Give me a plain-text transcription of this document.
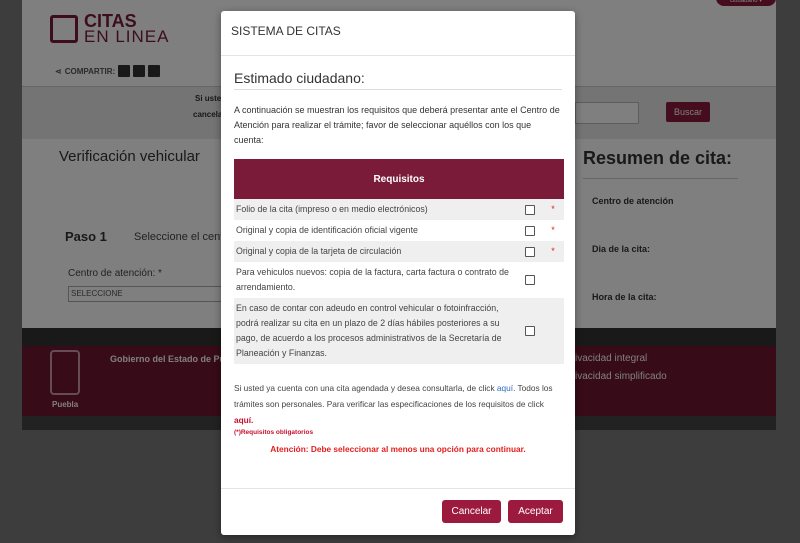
SISTEMA DE CITAS
Estimado ciudadano:
A continuación se muestran los requisitos que deberá presentar ante el Centro de Atención para realizar el trámite; favor de seleccionar aquéllos con los que cuenta:
Requisitos		
Folio de la cita (impreso o en medio electrónicos)		*
Original y copia de identificación oficial vigente		*
Original y copia de la tarjeta de circulación		*
Para vehiculos nuevos: copia de la factura, carta factura o contrato de arrendamiento.		
En caso de contar con adeudo en control vehicular o fotoinfracción, podrá realizar su cita en un plazo de 2 días hábiles posteriores a su pago, de acuerdo a los procesos administrativos de la Secretaría de Planeación y Finanzas.		
Si usted ya cuenta con una cita agendada y desea consultarla, de click aquí. Todos los trámites son personales. Para verificar las especificaciones de los requisitos de click aquí.
(*)Requisitos obligatorios
Atención: Debe seleccionar al menos una opción para continuar.
Cancelar	Aceptar
